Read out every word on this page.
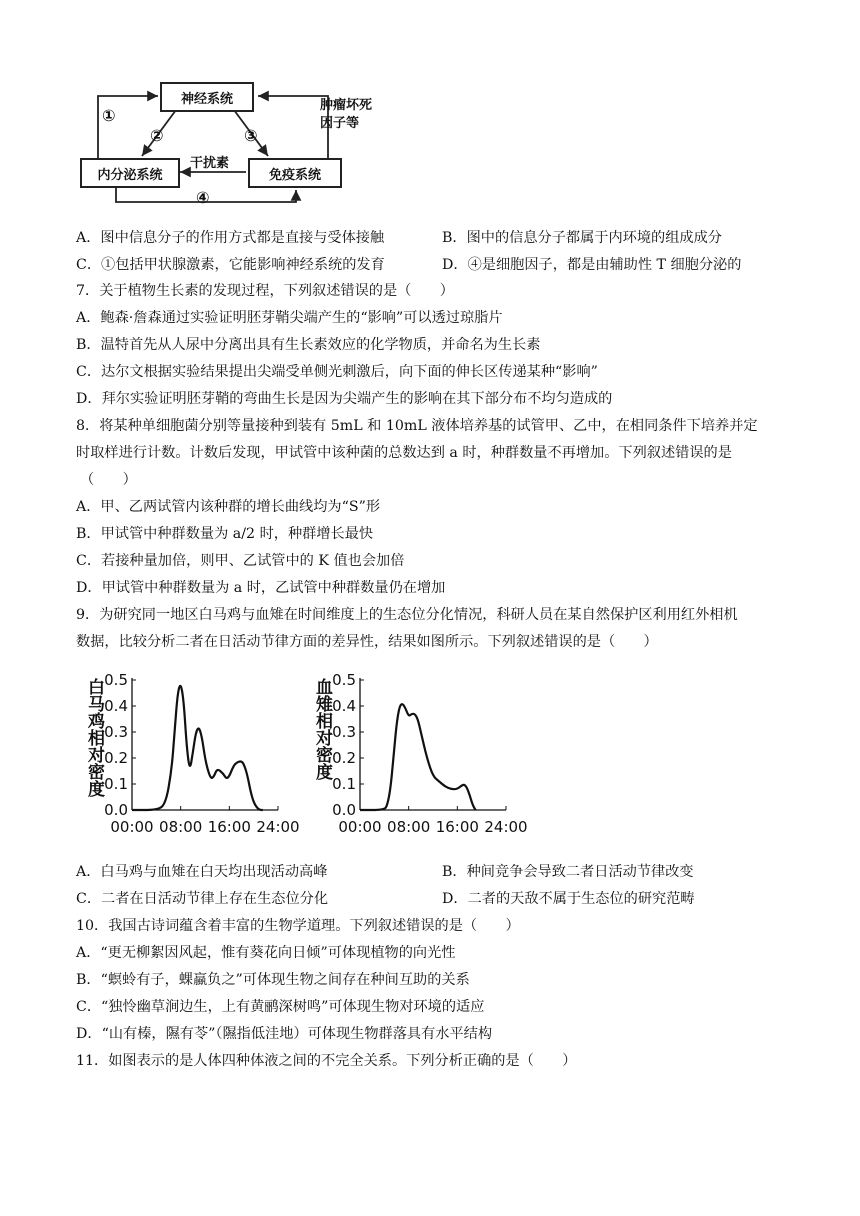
神经系统
内分泌系统	免疫系统
①
②	③
④
干扰素
肿瘤坏死
因子等
A．图中信息分子的作用方式都是直接与受体接触	B．图中的信息分子都属于内环境的组成成分
C．①包括甲状腺激素，它能影响神经系统的发育	D．④是细胞因子，都是由辅助性 T 细胞分泌的
7．关于植物生长素的发现过程，下列叙述错误的是（　　）
A．鲍森·詹森通过实验证明胚芽鞘尖端产生的“影响”可以透过琼脂片
B．温特首先从人尿中分离出具有生长素效应的化学物质，并命名为生长素
C．达尔文根据实验结果提出尖端受单侧光刺激后，向下面的伸长区传递某种“影响”
D．拜尔实验证明胚芽鞘的弯曲生长是因为尖端产生的影响在其下部分布不均匀造成的
8．将某种单细胞菌分别等量接种到装有 5mL 和 10mL 液体培养基的试管甲、乙中，在相同条件下培养并定
时取样进行计数。计数后发现，甲试管中该种菌的总数达到 a 时，种群数量不再增加。下列叙述错误的是
（　　）
A．甲、乙两试管内该种群的增长曲线均为“S”形
B．甲试管中种群数量为 a/2 时，种群增长最快
C．若接种量加倍，则甲、乙试管中的 K 值也会加倍
D．甲试管中种群数量为 a 时，乙试管中种群数量仍在增加
9．为研究同一地区白马鸡与血雉在时间维度上的生态位分化情况，科研人员在某自然保护区利用红外相机
数据，比较分析二者在日活动节律方面的差异性，结果如图所示。下列叙述错误的是（　　）
白马鸡相对密度
0.0
0.1
0.2
0.3
0.4
0.5
00:00 08:00 16:00 24:00
血雉相对密度
0.0
0.1
0.2
0.3
0.4
0.5
00:00 08:00 16:00 24:00
A．白马鸡与血雉在白天均出现活动高峰	B．种间竞争会导致二者日活动节律改变
C．二者在日活动节律上存在生态位分化	D．二者的天敌不属于生态位的研究范畴
10．我国古诗词蕴含着丰富的生物学道理。下列叙述错误的是（　　）
A．“更无柳絮因风起，惟有葵花向日倾”可体现植物的向光性
B．“螟蛉有子，蜾蠃负之”可体现生物之间存在种间互助的关系
C．“独怜幽草涧边生，上有黄鹂深树鸣”可体现生物对环境的适应
D．“山有榛，隰有苓”（隰指低洼地）可体现生物群落具有水平结构
11．如图表示的是人体四种体液之间的不完全关系。下列分析正确的是（　　）
